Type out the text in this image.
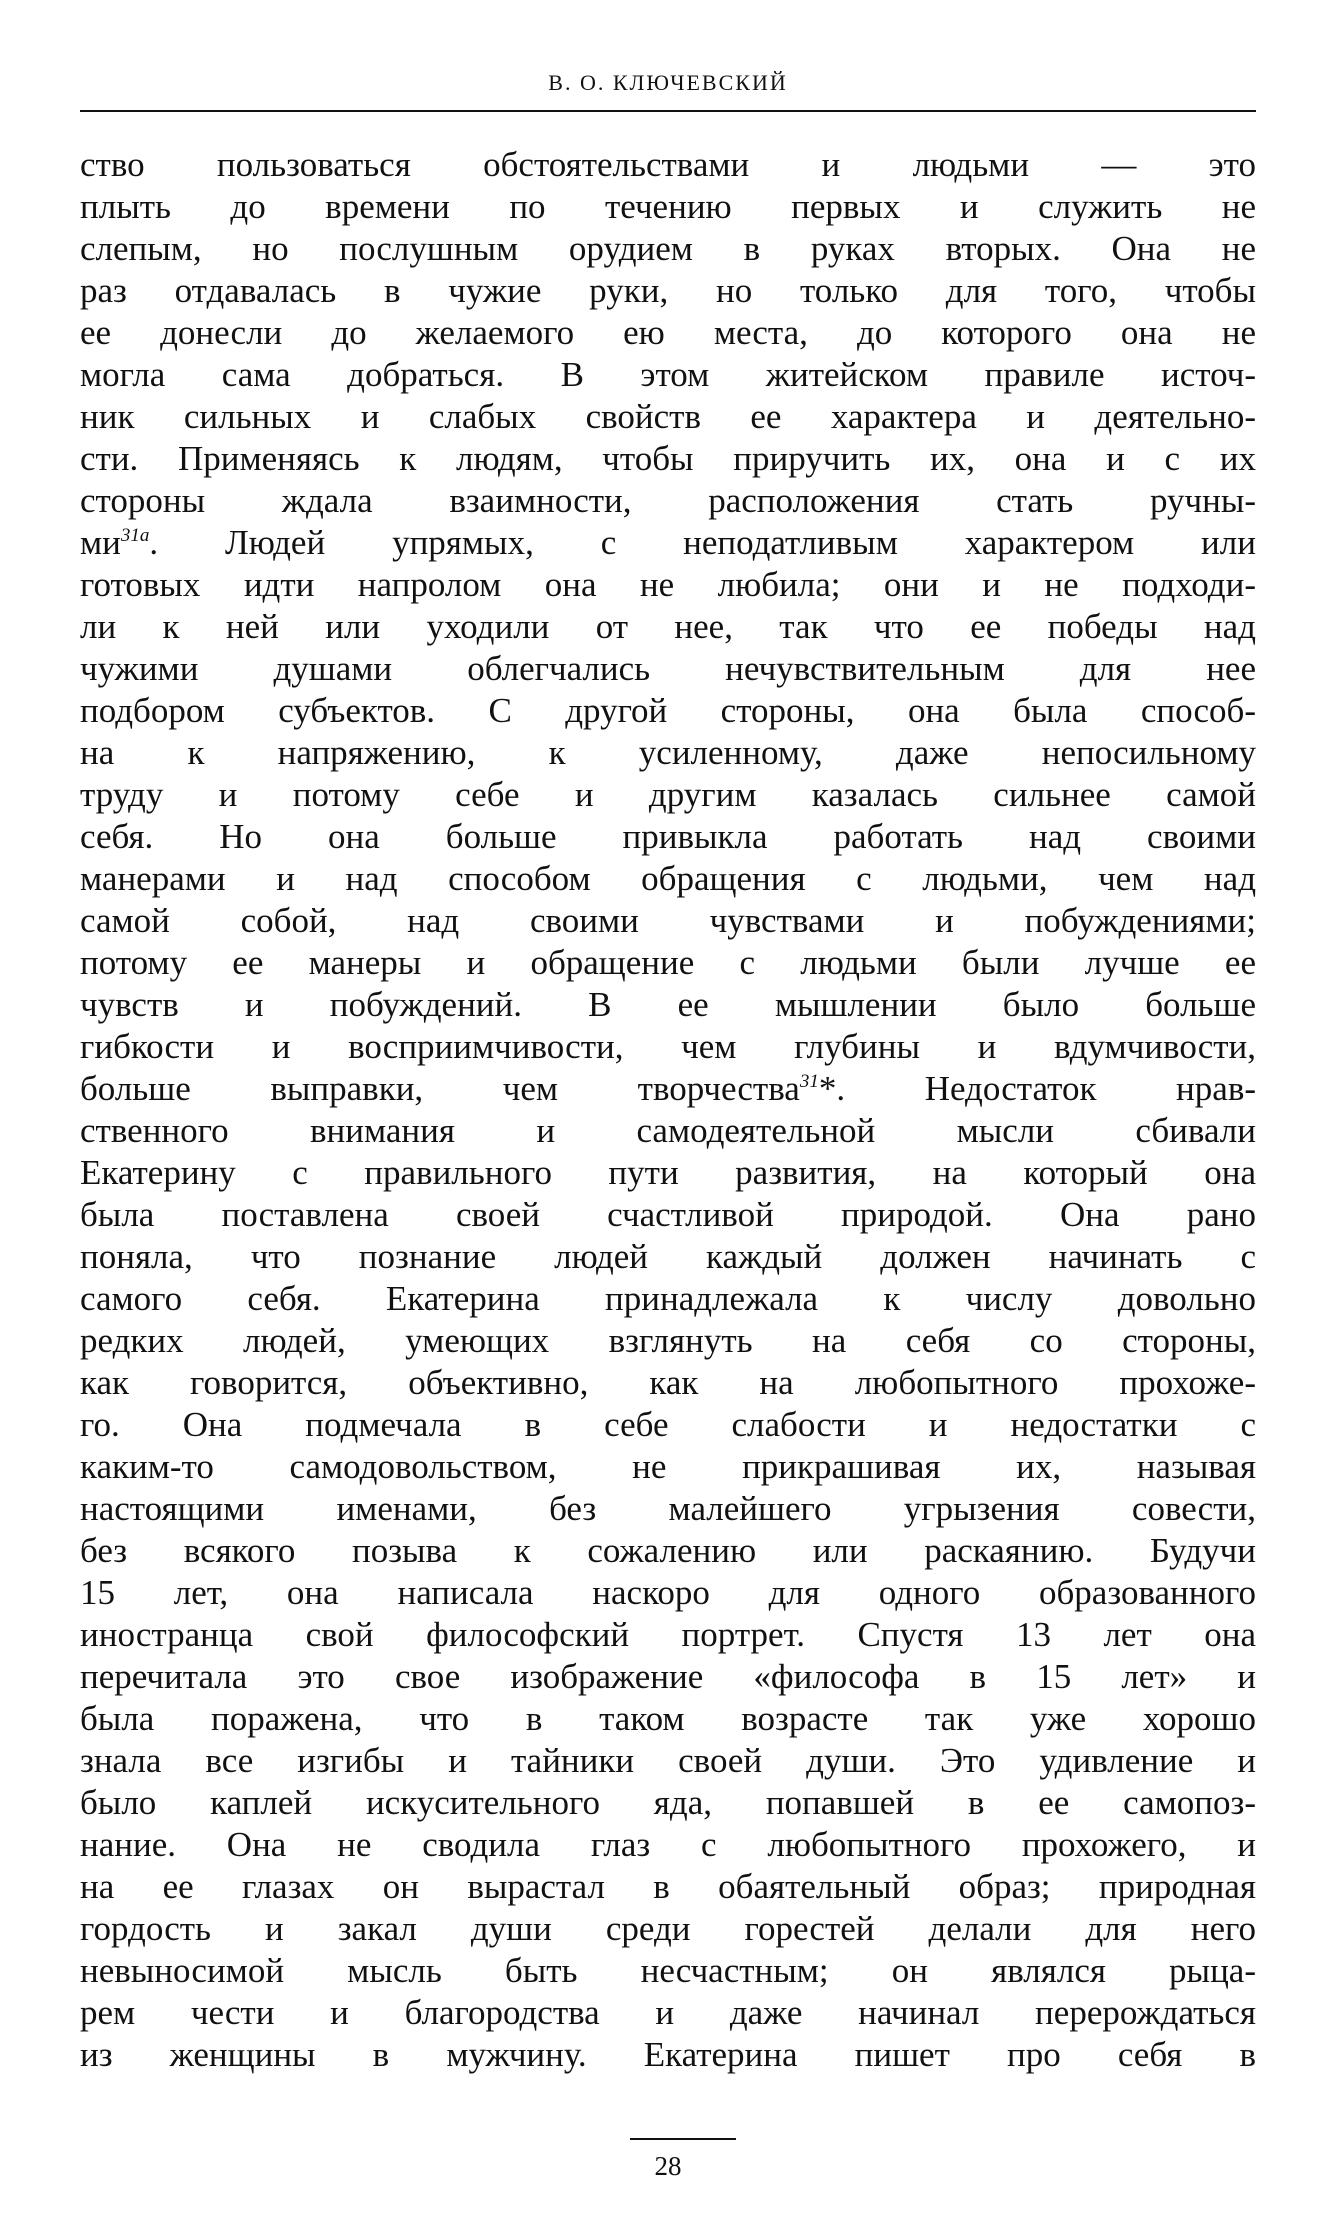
В. О. КЛЮЧЕВСКИЙ
ство пользоваться обстоятельствами и людьми — это
плыть до времени по течению первых и служить не
слепым, но послушным орудием в руках вторых. Она не
раз отдавалась в чужие руки, но только для того, чтобы
ее донесли до желаемого ею места, до которого она не
могла сама добраться. В этом житейском правиле источ-
ник сильных и слабых свойств ее характера и деятельно-
сти. Применяясь к людям, чтобы приручить их, она и с их
стороны ждала взаимности, расположения стать ручны-
ми$^{31а}$. Людей упрямых, с неподатливым характером или
готовых идти напролом она не любила; они и не подходи-
ли к ней или уходили от нее, так что ее победы над
чужими душами облегчались нечувствительным для нее
подбором субъектов. С другой стороны, она была способ-
на к напряжению, к усиленному, даже непосильному
труду и потому себе и другим казалась сильнее самой
себя. Но она больше привыкла работать над своими
манерами и над способом обращения с людьми, чем над
самой собой, над своими чувствами и побуждениями;
потому ее манеры и обращение с людьми были лучше ее
чувств и побуждений. В ее мышлении было больше
гибкости и восприимчивости, чем глубины и вдумчивости,
больше выправки, чем творчества$^{31}$*. Недостаток нрав-
ственного внимания и самодеятельной мысли сбивали
Екатерину с правильного пути развития, на который она
была поставлена своей счастливой природой. Она рано
поняла, что познание людей каждый должен начинать с
самого себя. Екатерина принадлежала к числу довольно
редких людей, умеющих взглянуть на себя со стороны,
как говорится, объективно, как на любопытного прохоже-
го. Она подмечала в себе слабости и недостатки с
каким-то самодовольством, не прикрашивая их, называя
настоящими именами, без малейшего угрызения совести,
без всякого позыва к сожалению или раскаянию. Будучи
15 лет, она написала наскоро для одного образованного
иностранца свой философский портрет. Спустя 13 лет она
перечитала это свое изображение «философа в 15 лет» и
была поражена, что в таком возрасте так уже хорошо
знала все изгибы и тайники своей души. Это удивление и
было каплей искусительного яда, попавшей в ее самопоз-
нание. Она не сводила глаз с любопытного прохожего, и
на ее глазах он вырастал в обаятельный образ; природная
гордость и закал души среди горестей делали для него
невыносимой мысль быть несчастным; он являлся рыца-
рем чести и благородства и даже начинал перерождаться
из женщины в мужчину. Екатерина пишет про себя в
28
